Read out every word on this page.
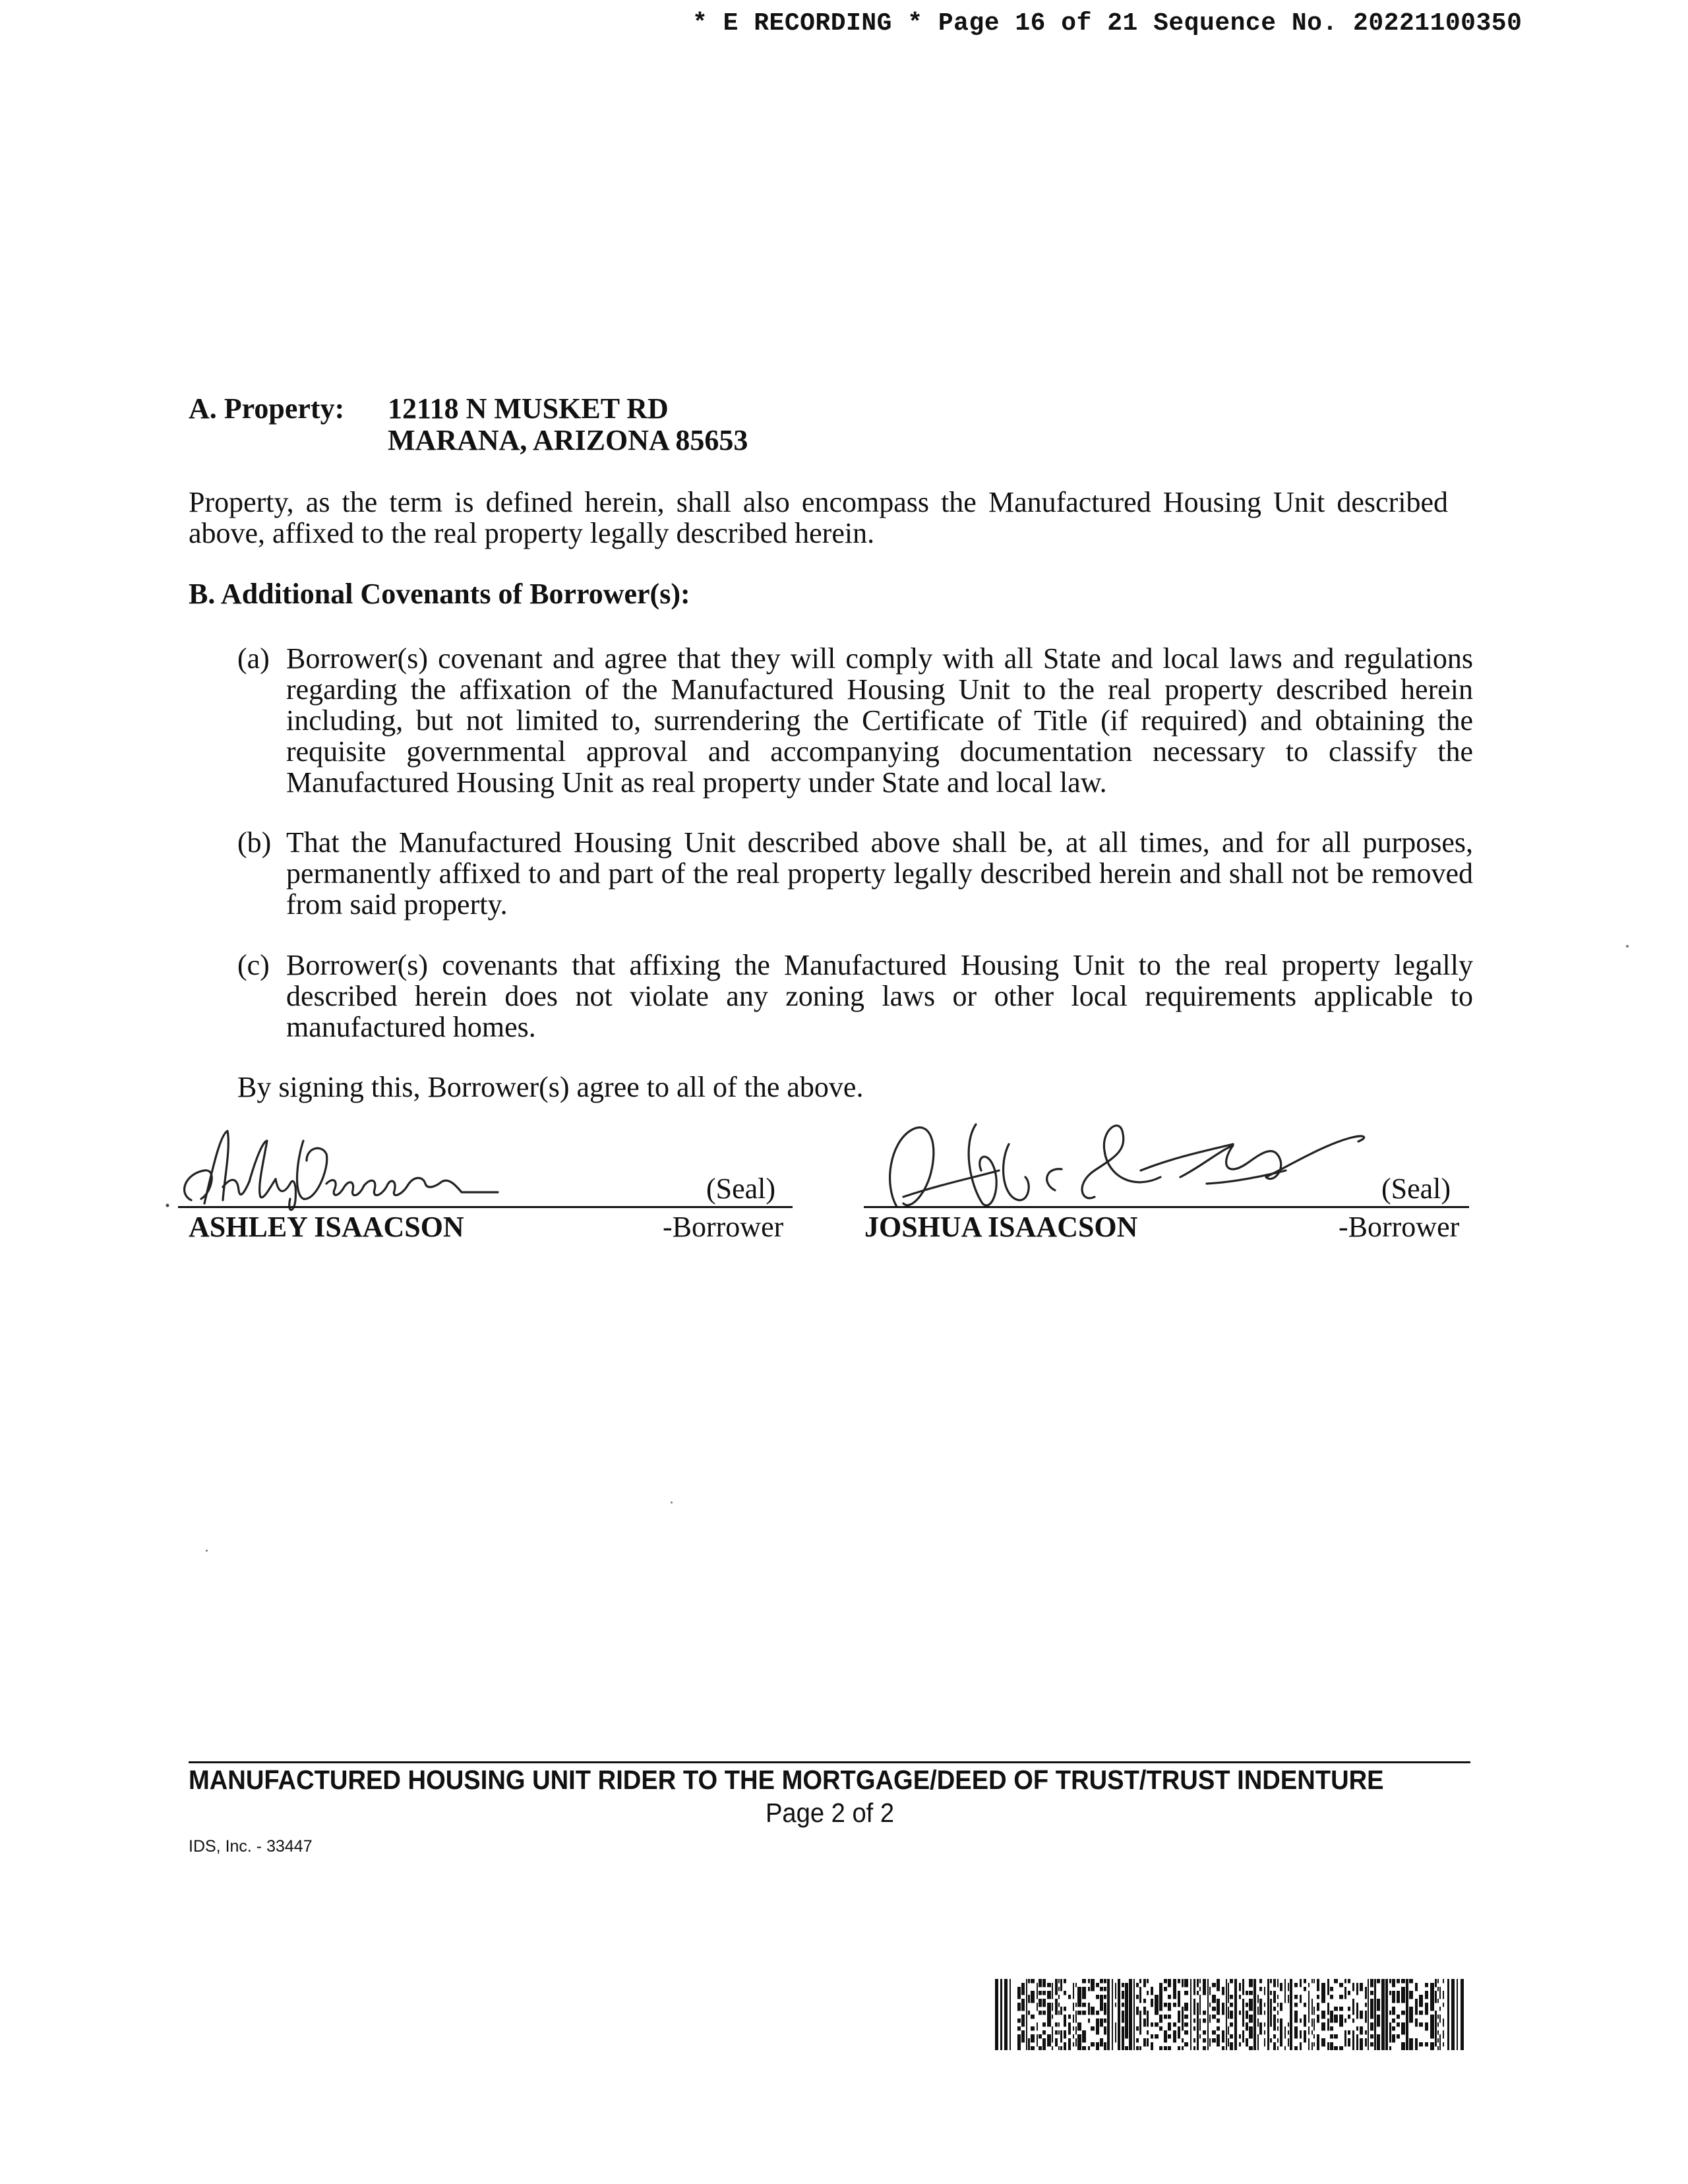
* E RECORDING * Page 16 of 21 Sequence No. 20221100350
A. Property: 12118 N MUSKET RD
MARANA, ARIZONA 85653
Property, as the term is defined herein, shall also encompass the Manufactured Housing Unit described above, affixed to the real property legally described herein.
B. Additional Covenants of Borrower(s):
(a) Borrower(s) covenant and agree that they will comply with all State and local laws and regulations regarding the affixation of the Manufactured Housing Unit to the real property described herein including, but not limited to, surrendering the Certificate of Title (if required) and obtaining the requisite governmental approval and accompanying documentation necessary to classify the Manufactured Housing Unit as real property under State and local law.
(b) That the Manufactured Housing Unit described above shall be, at all times, and for all purposes, permanently affixed to and part of the real property legally described herein and shall not be removed from said property.
(c) Borrower(s) covenants that affixing the Manufactured Housing Unit to the real property legally described herein does not violate any zoning laws or other local requirements applicable to manufactured homes.
By signing this, Borrower(s) agree to all of the above.
(Seal)	(Seal)
ASHLEY ISAACSON	JOSHUA ISAACSON
-Borrower	-Borrower
MANUFACTURED HOUSING UNIT RIDER TO THE MORTGAGE/DEED OF TRUST/TRUST INDENTURE
Page 2 of 2
IDS, Inc. - 33447
